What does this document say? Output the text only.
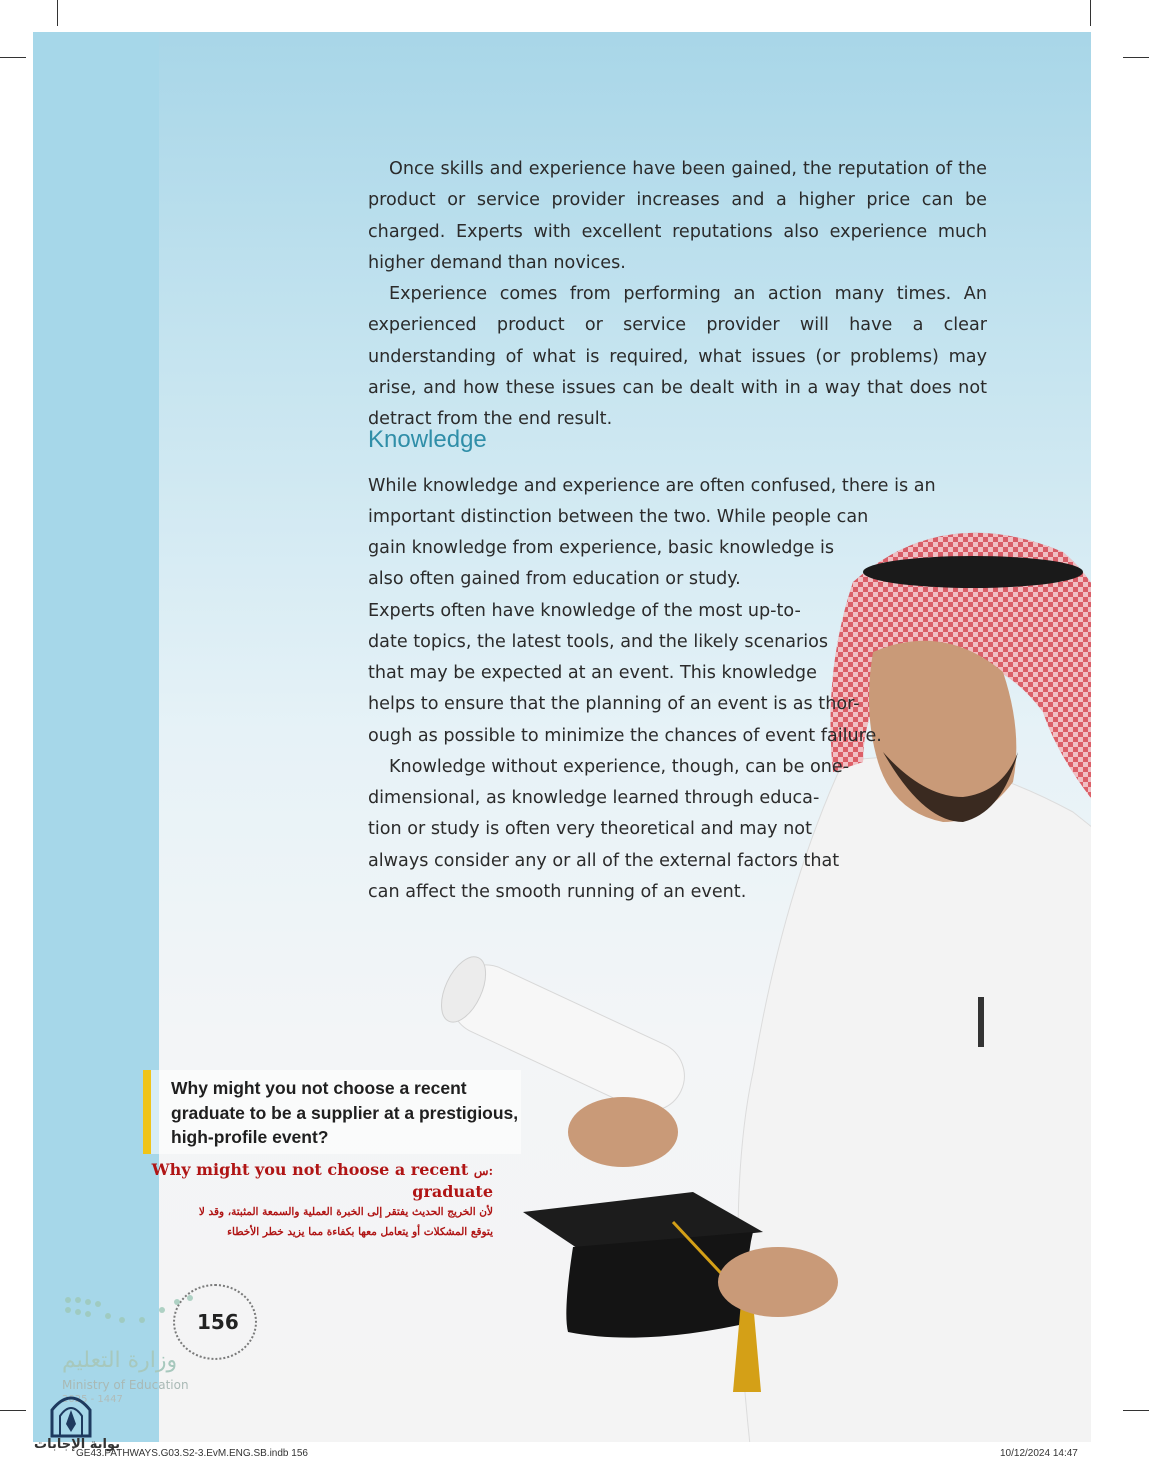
Once skills and experience have been gained, the reputation of the product or service provider increases and a higher price can be charged. Experts with excellent reputations also experience much higher demand than novices.

Experience comes from performing an action many times. An experienced product or service provider will have a clear understanding of what is required, what issues (or problems) may arise, and how these issues can be dealt with in a way that does not detract from the end result.

Knowledge
While knowledge and experience are often confused, there is an
important distinction between the two. While people can
gain knowledge from experience, basic knowledge is
also often gained from education or study.
Experts often have knowledge of the most up-to-
date topics, the latest tools, and the likely scenarios
that may be expected at an event. This knowledge
helps to ensure that the planning of an event is as thor-
ough as possible to minimize the chances of event failure.
Knowledge without experience, though, can be one-
dimensional, as knowledge learned through educa-
tion or study is often very theoretical and may not
always consider any or all of the external factors that
can affect the smooth running of an event.
Why might you not choose a recent graduate to be a supplier at a prestigious, high-profile event?
Why might you not choose a recent س:
graduate
لأن الخريج الحديث يفتقر إلى الخبرة العملية والسمعة المثبتة، وقد لا
يتوقع المشكلات أو يتعامل معها بكفاءة مما يزيد خطر الأخطاء
156
وزارة التعليم
Ministry of Education
2025 - 1447
بوابة الإجابات
GE43.PATHWAYS.G03.S2-3.EvM.ENG.SB.indb 156	10/12/2024 14:47
